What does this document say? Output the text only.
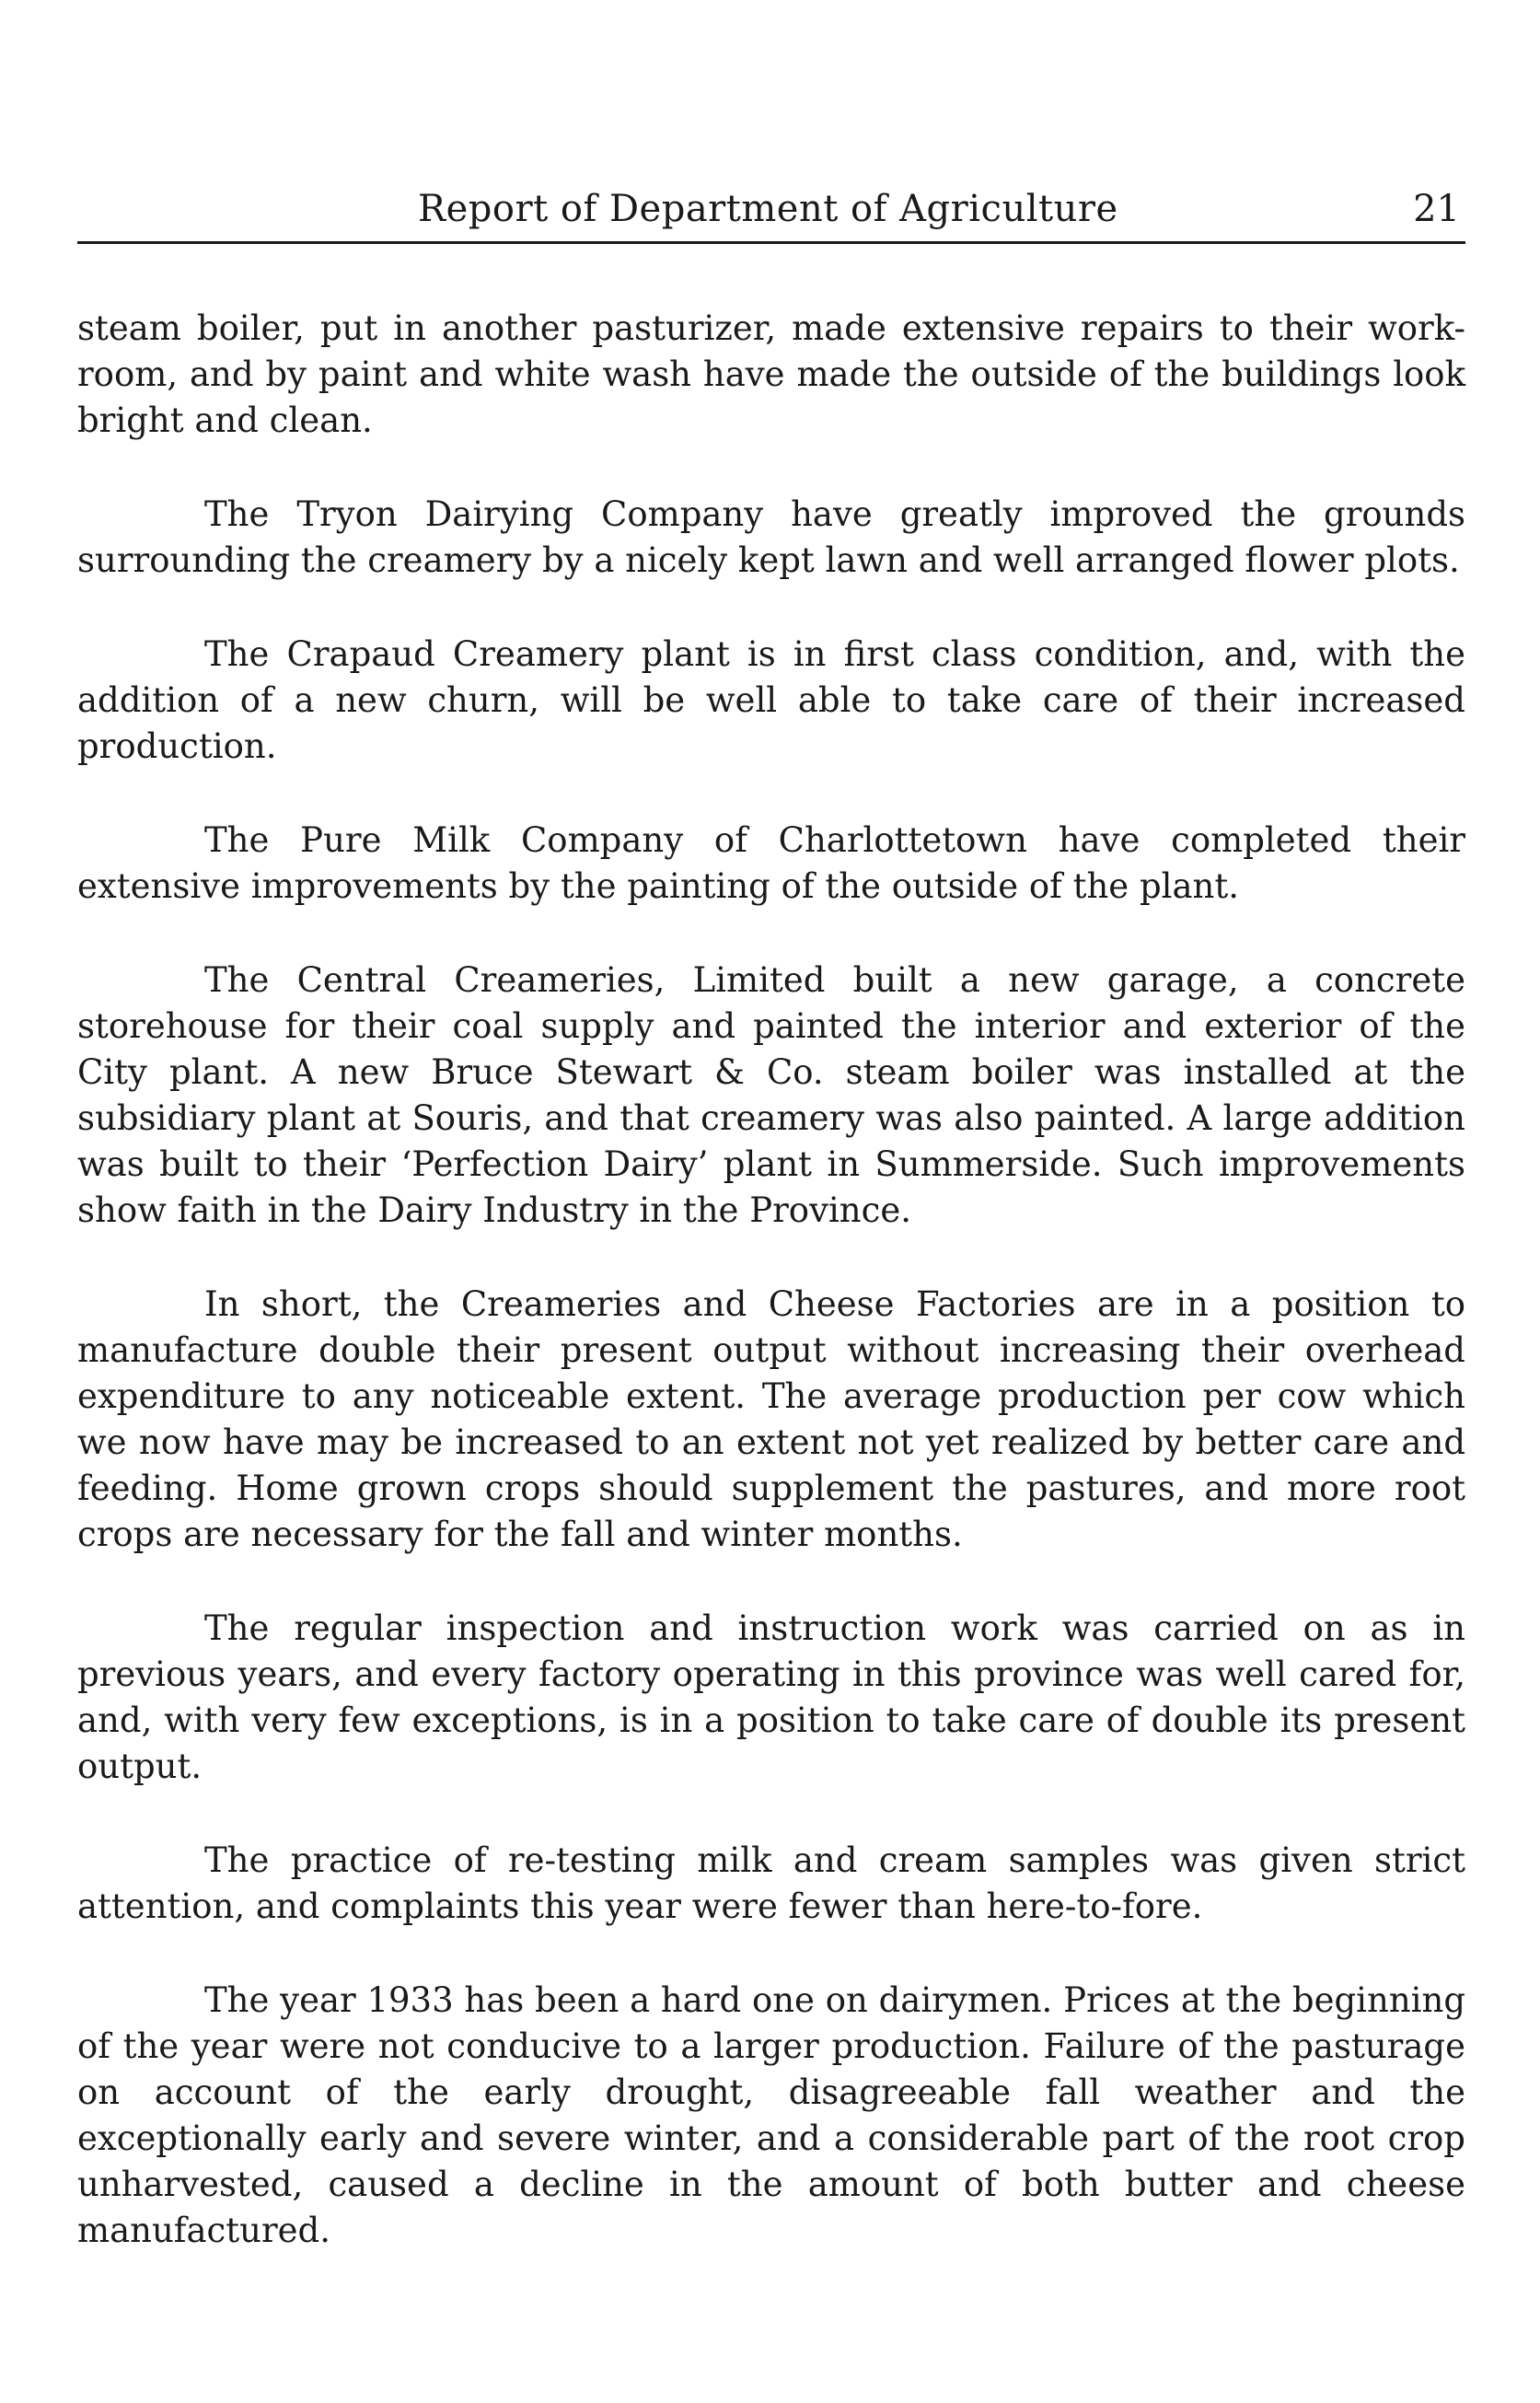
Report of Department of Agriculture	21

steam boiler, put in another pasturizer, made extensive repairs to their work-room, and by paint and white wash have made the outside of the buildings look bright and clean.

The Tryon Dairying Company have greatly improved the grounds surrounding the creamery by a nicely kept lawn and well arranged flower plots.

The Crapaud Creamery plant is in first class condition, and, with the addition of a new churn, will be well able to take care of their increased production.

The Pure Milk Company of Charlottetown have completed their extensive improvements by the painting of the outside of the plant.

The Central Creameries, Limited built a new garage, a concrete storehouse for their coal supply and painted the interior and exterior of the City plant. A new Bruce Stewart & Co. steam boiler was installed at the subsidiary plant at Souris, and that creamery was also painted. A large addition was built to their ‘Perfection Dairy’ plant in Summerside. Such improvements show faith in the Dairy Industry in the Province.

In short, the Creameries and Cheese Factories are in a position to manufacture double their present output without increasing their overhead expenditure to any noticeable extent. The average production per cow which we now have may be increased to an extent not yet realized by better care and feeding. Home grown crops should supplement the pastures, and more root crops are necessary for the fall and winter months.

The regular inspection and instruction work was carried on as in previous years, and every factory operating in this province was well cared for, and, with very few exceptions, is in a position to take care of double its present output.

The practice of re-testing milk and cream samples was given strict attention, and complaints this year were fewer than here-to-fore.

The year 1933 has been a hard one on dairymen. Prices at the beginning of the year were not conducive to a larger production. Failure of the pasturage on account of the early drought, disagreeable fall weather and the exceptionally early and severe winter, and a considerable part of the root crop unharvested, caused a decline in the amount of both butter and cheese manufactured.
